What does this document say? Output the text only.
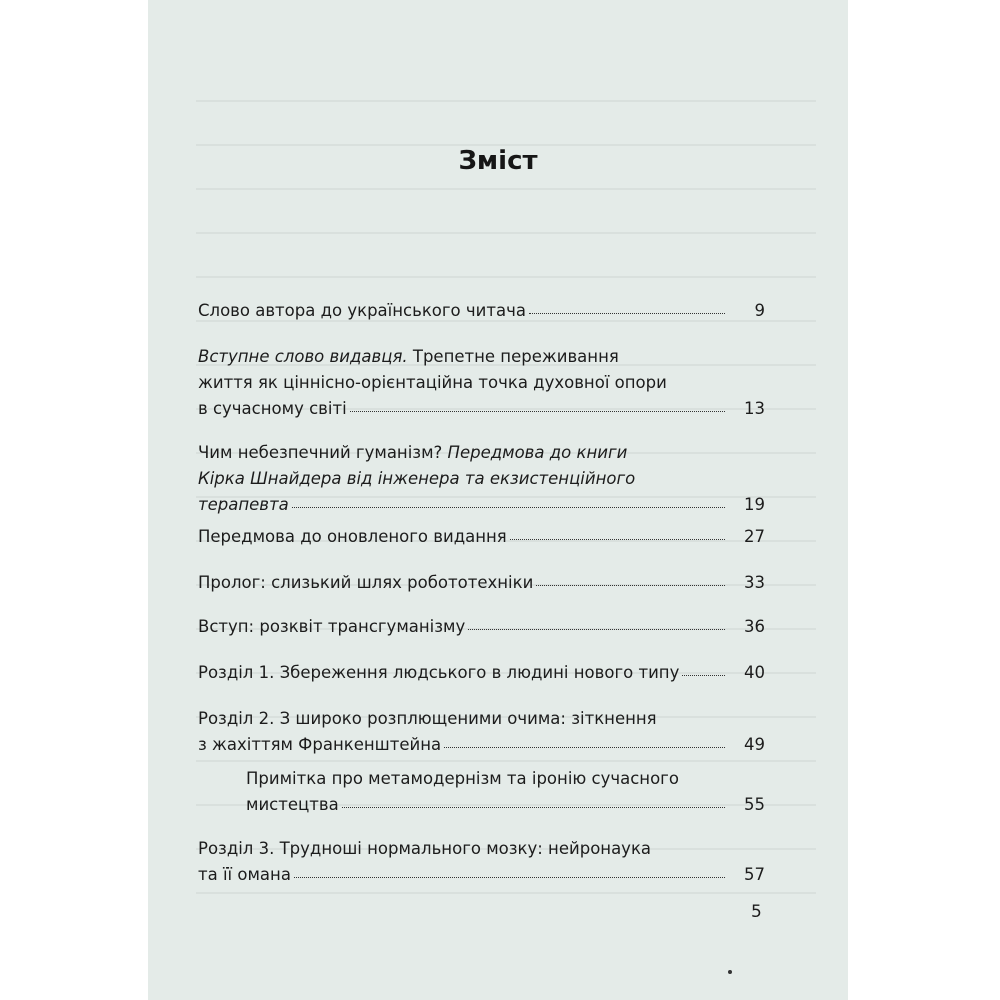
Зміст
Слово автора до українського читача	9
Вступне слово видавця. Трепетне переживання
життя як ціннісно-орієнтаційна точка духовної опори
в сучасному світі	13
Чим небезпечний гуманізм? Передмова до книги
Кірка Шнайдера від інженера та екзистенційного
терапевта	19
Передмова до оновленого видання	27
Пролог: слизький шлях робототехніки	33
Вступ: розквіт трансгуманізму	36
Розділ 1. Збереження людського в людині нового типу	40
Розділ 2. З широко розплющеними очима: зіткнення
з жахіттям Франкенштейна	49
Примітка про метамодернізм та іронію сучасного
мистецтва	55
Розділ 3. Трудноші нормального мозку: нейронаука
та її омана	57
5
